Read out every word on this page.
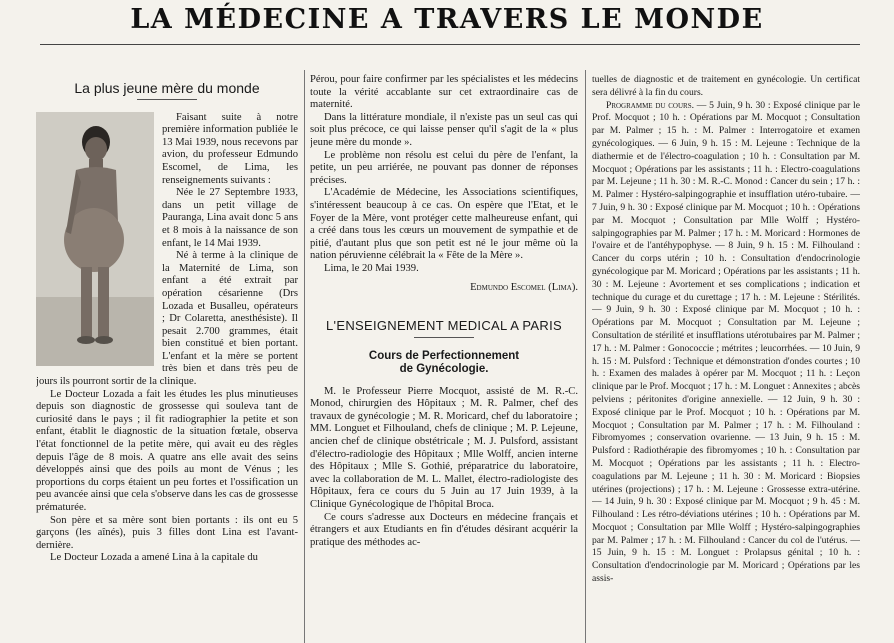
LA MÉDECINE A TRAVERS LE MONDE
La plus jeune mère du monde

Faisant suite à notre première information publiée le 13 Mai 1939, nous recevons par avion, du professeur Edmundo Escomel, de Lima, les renseignements suivants :

Née le 27 Septembre 1933, dans un petit village de Pauranga, Lina avait donc 5 ans et 8 mois à la naissance de son enfant, le 14 Mai 1939.

Né à terme à la clinique de la Maternité de Lima, son enfant a été extrait par opération césarienne (Drs Lozada et Busalleu, opérateurs ; Dr Colaretta, anesthésiste). Il pesait 2.700 grammes, était bien constitué et bien portant. L'enfant et la mère se portent très bien et dans très peu de jours ils pourront sortir de la clinique.

Le Docteur Lozada a fait les études les plus minutieuses depuis son diagnostic de grossesse qui souleva tant de curiosité dans le pays ; il fit radiographier la petite et son enfant, établit le diagnostic de la situation fœtale, observa l'état fonctionnel de la petite mère, qui avait eu des règles depuis l'âge de 8 mois. A quatre ans elle avait des seins développés ainsi que des poils au mont de Vénus ; les proportions du corps étaient un peu fortes et l'ossification un peu avancée ainsi que cela s'observe dans les cas de grossesse prématurée.

Son père et sa mère sont bien portants : ils ont eu 5 garçons (les aînés), puis 3 filles dont Lina est l'avant-dernière.

Le Docteur Lozada a amené Lina à la capitale du

Pérou, pour faire confirmer par les spécialistes et les médecins toute la vérité accablante sur cet extraordinaire cas de maternité.

Dans la littérature mondiale, il n'existe pas un seul cas qui soit plus précoce, ce qui laisse penser qu'il s'agit de la « plus jeune mère du monde ».

Le problème non résolu est celui du père de l'enfant, la petite, un peu arriérée, ne pouvant pas donner de réponses précises.

L'Académie de Médecine, les Associations scientifiques, s'intéressent beaucoup à ce cas. On espère que l'Etat, et le Foyer de la Mère, vont protéger cette malheureuse enfant, qui a créé dans tous les cœurs un mouvement de sympathie et de pitié, d'autant plus que son petit est né le jour même où la nation péruvienne célébrait la « Fête de la Mère ».

Lima, le 20 Mai 1939.

Edmundo Escomel (Lima).
L'ENSEIGNEMENT MEDICAL A PARIS
Cours de Perfectionnement
de Gynécologie.

M. le Professeur Pierre Mocquot, assisté de M. R.-C. Monod, chirurgien des Hôpitaux ; M. R. Palmer, chef des travaux de gynécologie ; M. R. Moricard, chef du laboratoire ; MM. Longuet et Filhouland, chefs de clinique ; M. P. Lejeune, ancien chef de clinique obstétricale ; M. J. Pulsford, assistant d'électro-radiologie des Hôpitaux ; Mlle Wolff, ancien interne des Hôpitaux ; Mlle S. Gothié, préparatrice du laboratoire, avec la collaboration de M. L. Mallet, électro-radiologiste des Hôpitaux, fera ce cours du 5 Juin au 17 Juin 1939, à la Clinique Gynécologique de l'hôpital Broca.

Ce cours s'adresse aux Docteurs en médecine français et étrangers et aux Etudiants en fin d'études désirant acquérir la pratique des méthodes ac-

tuelles de diagnostic et de traitement en gynécologie. Un certificat sera délivré à la fin du cours.

Programme du cours. — 5 Juin, 9 h. 30 : Exposé clinique par le Prof. Mocquot ; 10 h. : Opérations par M. Mocquot ; Consultation par M. Palmer ; 15 h. : M. Palmer : Interrogatoire et examen gynécologiques. — 6 Juin, 9 h. 15 : M. Lejeune : Technique de la diathermie et de l'électro-coagulation ; 10 h. : Consultation par M. Mocquot ; Opérations par les assistants ; 11 h. : Electro-coagulations par M. Lejeune ; 11 h. 30 : M. R.-C. Monod : Cancer du sein ; 17 h. : M. Palmer : Hystéro-salpingographie et insufflation utéro-tubaire. — 7 Juin, 9 h. 30 : Exposé clinique par M. Mocquot ; 10 h. : Opérations par M. Mocquot ; Consultation par Mlle Wolff ; Hystéro-salpingographies par M. Palmer ; 17 h. : M. Moricard : Hormones de l'ovaire et de l'antéhypophyse. — 8 Juin, 9 h. 15 : M. Filhouland : Cancer du corps utérin ; 10 h. : Consultation d'endocrinologie gynécologique par M. Moricard ; Opérations par les assistants ; 11 h. 30 : M. Lejeune : Avortement et ses complications ; indication et technique du curage et du curettage ; 17 h. : M. Lejeune : Stérilités. — 9 Juin, 9 h. 30 : Exposé clinique par M. Mocquot ; 10 h. : Opérations par M. Mocquot ; Consultation par M. Lejeune ; Consultation de stérilité et insufflations utérotubaires par M. Palmer ; 17 h. : M. Palmer : Gonococcie ; métrites ; leucorrhées. — 10 Juin, 9 h. 15 : M. Pulsford : Technique et démonstration d'ondes courtes ; 10 h. : Examen des malades à opérer par M. Mocquot ; 11 h. : Leçon clinique par le Prof. Mocquot ; 17 h. : M. Longuet : Annexites ; abcès pelviens ; péritonites d'origine annexielle. — 12 Juin, 9 h. 30 : Exposé clinique par le Prof. Mocquot ; 10 h. : Opérations par M. Mocquot ; Consultation par M. Palmer ; 17 h. : M. Filhouland : Fibromyomes ; conservation ovarienne. — 13 Juin, 9 h. 15 : M. Pulsford : Radiothérapie des fibromyomes ; 10 h. : Consultation par M. Mocquot ; Opérations par les assistants ; 11 h. : Electro-coagulations par M. Lejeune ; 11 h. 30 : M. Moricard : Biopsies utérines (projections) ; 17 h. : M. Lejeune : Grossesse extra-utérine. — 14 Juin, 9 h. 30 : Exposé clinique par M. Mocquot ; 9 h. 45 : M. Filhouland : Les rétro-déviations utérines ; 10 h. : Opérations par M. Mocquot ; Consultation par Mlle Wolff ; Hystéro-salpingographies par M. Palmer ; 17 h. : M. Filhouland : Cancer du col de l'utérus. — 15 Juin, 9 h. 15 : M. Longuet : Prolapsus génital ; 10 h. : Consultation d'endocrinologie par M. Moricard ; Opérations par les assis-
